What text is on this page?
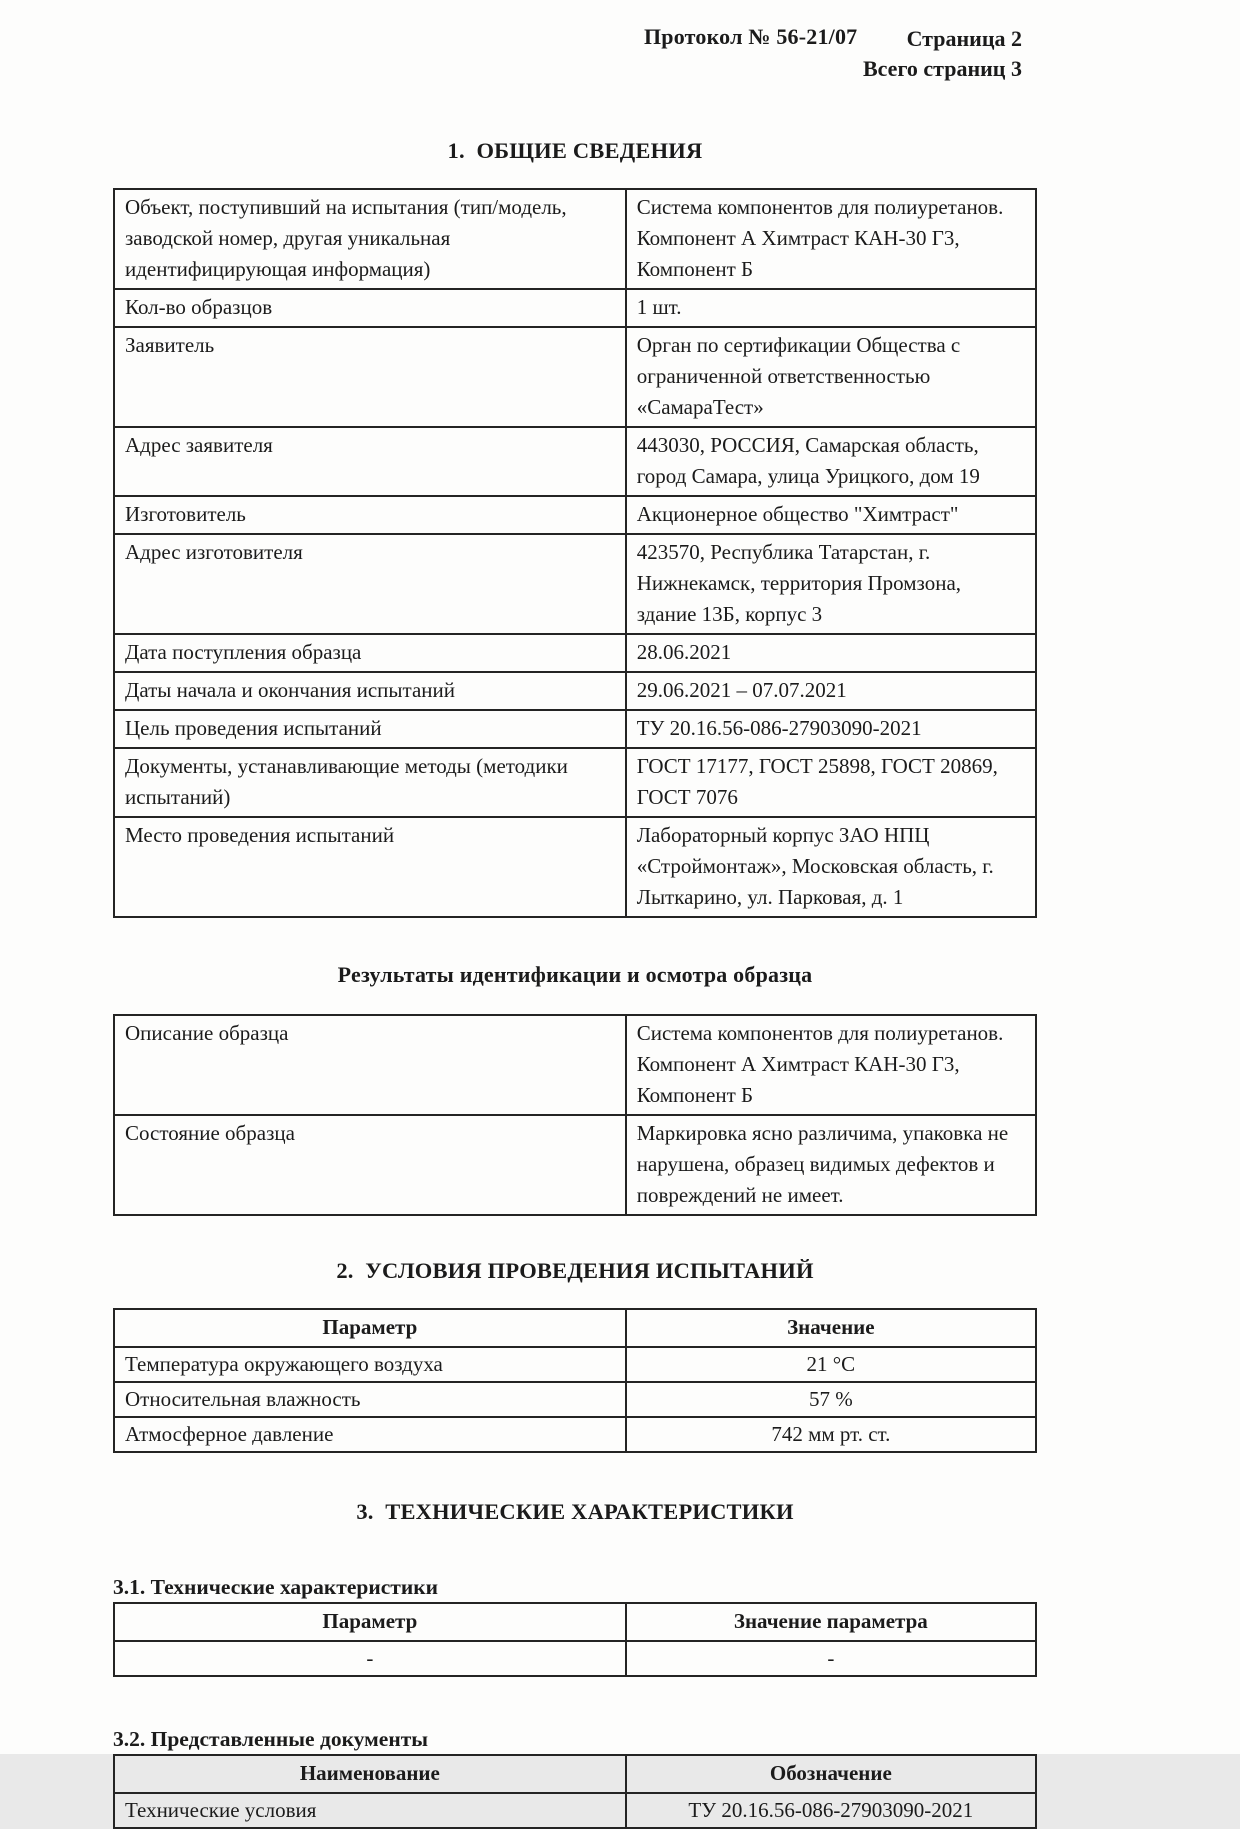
Протокол № 56-21/07	Страница 2
Всего страниц 3
1.  ОБЩИЕ СВЕДЕНИЯ
Объект, поступивший на испытания (тип/модель, заводской номер, другая уникальная идентифицирующая информация)	Система компонентов для полиуретанов. Компонент А Химтраст КАН-30 Г3, Компонент Б
Кол-во образцов	1 шт.
Заявитель	Орган по сертификации Общества с ограниченной ответственностью «СамараТест»
Адрес заявителя	443030, РОССИЯ, Самарская область, город Самара, улица Урицкого, дом 19
Изготовитель	Акционерное общество "Химтраст"
Адрес изготовителя	423570, Республика Татарстан, г. Нижнекамск, территория Промзона, здание 13Б, корпус 3
Дата поступления образца	28.06.2021
Даты начала и окончания испытаний	29.06.2021 – 07.07.2021
Цель проведения испытаний	ТУ 20.16.56-086-27903090-2021
Документы, устанавливающие методы (методики испытаний)	ГОСТ 17177, ГОСТ 25898, ГОСТ 20869, ГОСТ 7076
Место проведения испытаний	Лабораторный корпус ЗАО НПЦ «Строймонтаж», Московская область, г. Лыткарино, ул. Парковая, д. 1
Результаты идентификации и осмотра образца
Описание образца	Система компонентов для полиуретанов. Компонент А Химтраст КАН-30 Г3, Компонент Б
Состояние образца	Маркировка ясно различима, упаковка не нарушена, образец видимых дефектов и повреждений не имеет.
2.  УСЛОВИЯ ПРОВЕДЕНИЯ ИСПЫТАНИЙ
Параметр	Значение
Температура окружающего воздуха	21 °C
Относительная влажность	57 %
Атмосферное давление	742 мм рт. ст.
3.  ТЕХНИЧЕСКИЕ ХАРАКТЕРИСТИКИ
3.1. Технические характеристики
Параметр	Значение параметра
-	-
3.2. Представленные документы
Наименование	Обозначение
Технические условия	ТУ 20.16.56-086-27903090-2021
